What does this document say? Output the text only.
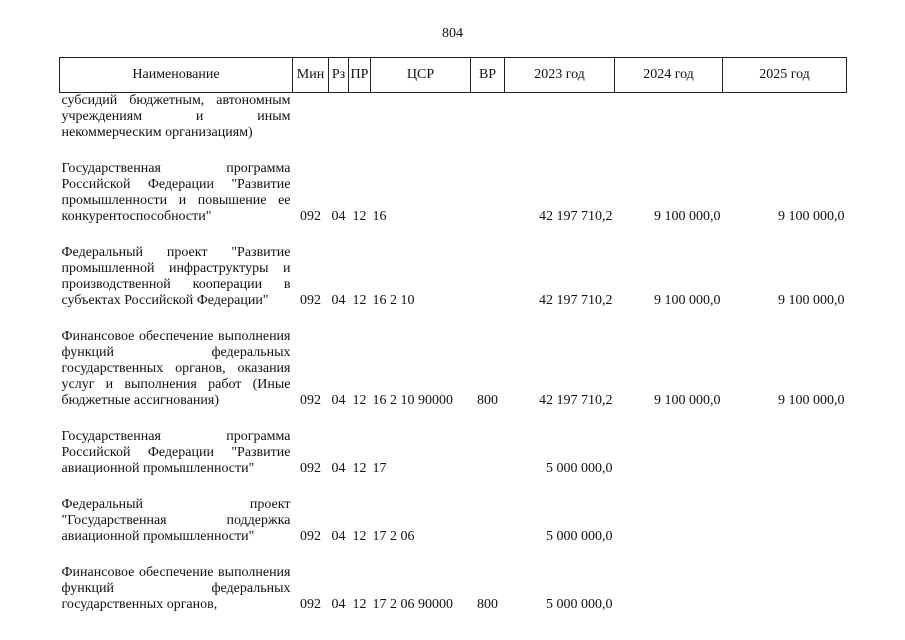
804
Наименование	Мин	Рз	ПР	ЦСР	ВР	2023 год	2024 год	2025 год
субсидий бюджетным, автономным учреждениям и иным некоммерческим организациям)								
Государственная программа Российской Федерации "Развитие промышленности и повышение ее конкурентоспособности"	092	04	12	16		42 197 710,2	9 100 000,0	9 100 000,0
Федеральный проект "Развитие промышленной инфраструктуры и производственной кооперации в субъектах Российской Федерации"	092	04	12	16 2 10		42 197 710,2	9 100 000,0	9 100 000,0
Финансовое обеспечение выполнения функций федеральных государственных органов, оказания услуг и выполнения работ (Иные бюджетные ассигнования)	092	04	12	16 2 10 90000	800	42 197 710,2	9 100 000,0	9 100 000,0
Государственная программа Российской Федерации "Развитие авиационной промышленности"	092	04	12	17		5 000 000,0		
Федеральный проект "Государственная поддержка авиационной промышленности"	092	04	12	17 2 06		5 000 000,0		
Финансовое обеспечение выполнения функций федеральных государственных органов,	092	04	12	17 2 06 90000	800	5 000 000,0		
